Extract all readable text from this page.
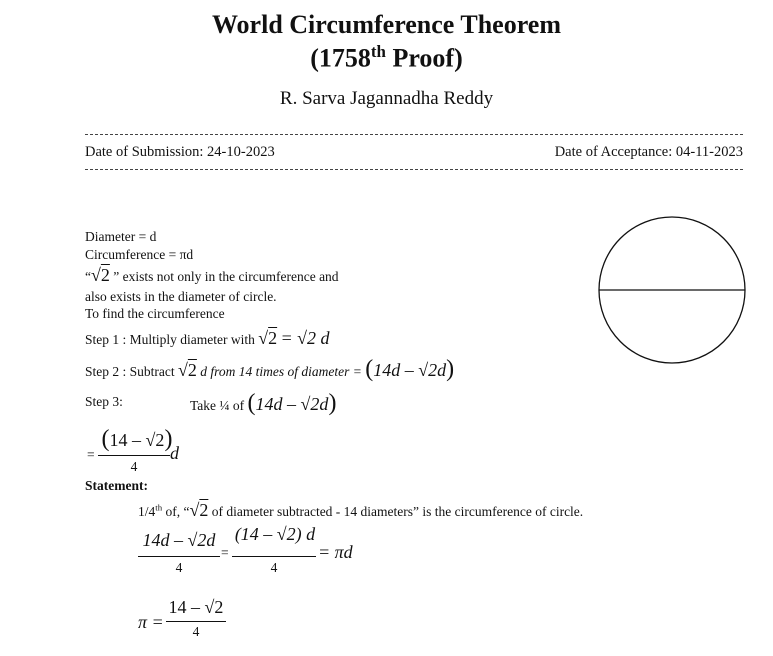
World Circumference Theorem
(1758th Proof)
R. Sarva Jagannadha Reddy
Date of Submission: 24-10-2023	Date of Acceptance: 04-11-2023
Diameter = d
Circumference = πd
“√2 ” exists not only in the circumference and
also exists in the diameter of circle.
To find the circumference
Step 1 : Multiply diameter with √2 = √2 d
Step 2 : Subtract √2 d from 14 times of diameter = (14d – √2d)
Step 3:	Take ¼ of (14d – √2d)
=
(14 – √2)
d
4
Statement:
1/4th of, “√2 of diameter subtracted - 14 diameters” is the circumference of circle.
14d – √2d
4
=
(14 – √2) d
4
= πd
π =
14 – √2
4
